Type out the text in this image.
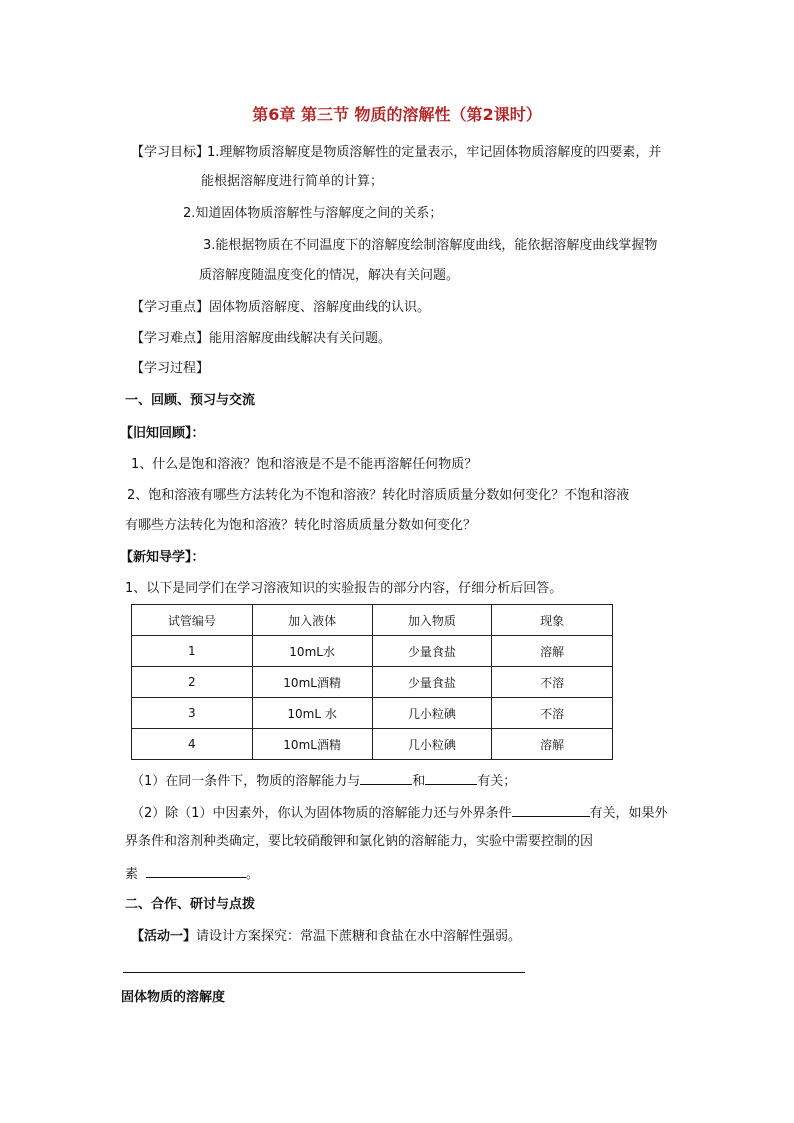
第6章 第三节 物质的溶解性（第2课时）
【学习目标】
1.理解物质溶解度是物质溶解性的定量表示，牢记固体物质溶解度的四要素，并
能根据溶解度进行简单的计算；
2.知道固体物质溶解性与溶解度之间的关系；
3.能根据物质在不同温度下的溶解度绘制溶解度曲线，能依据溶解度曲线掌握物
质溶解度随温度变化的情况，解决有关问题。
【学习重点】固体物质溶解度、溶解度曲线的认识。
【学习难点】能用溶解度曲线解决有关问题。
【学习过程】
一、回顾、预习与交流
【旧知回顾】：
1、什么是饱和溶液？饱和溶液是不是不能再溶解任何物质？
2、饱和溶液有哪些方法转化为不饱和溶液？转化时溶质质量分数如何变化？不饱和溶液
有哪些方法转化为饱和溶液？转化时溶质质量分数如何变化？
【新知导学】：
1、以下是同学们在学习溶液知识的实验报告的部分内容，仔细分析后回答。
试管编号	加入液体	加入物质	现象
1	10mL水	少量食盐	溶解
2	10mL酒精	少量食盐	不溶
3	10mL 水	几小粒碘	不溶
4	10mL酒精	几小粒碘	溶解
（1）在同一条件下，物质的溶解能力与	和	有关；
（2）除（1）中因素外，你认为固体物质的溶解能力还与外界条件	有关，如果外
界条件和溶剂种类确定，要比较硝酸钾和氯化钠的溶解能力，实验中需要控制的因
素	。
二、合作、研讨与点拨
【活动一】请设计方案探究：常温下蔗糖和食盐在水中溶解性强弱。
固体物质的溶解度
